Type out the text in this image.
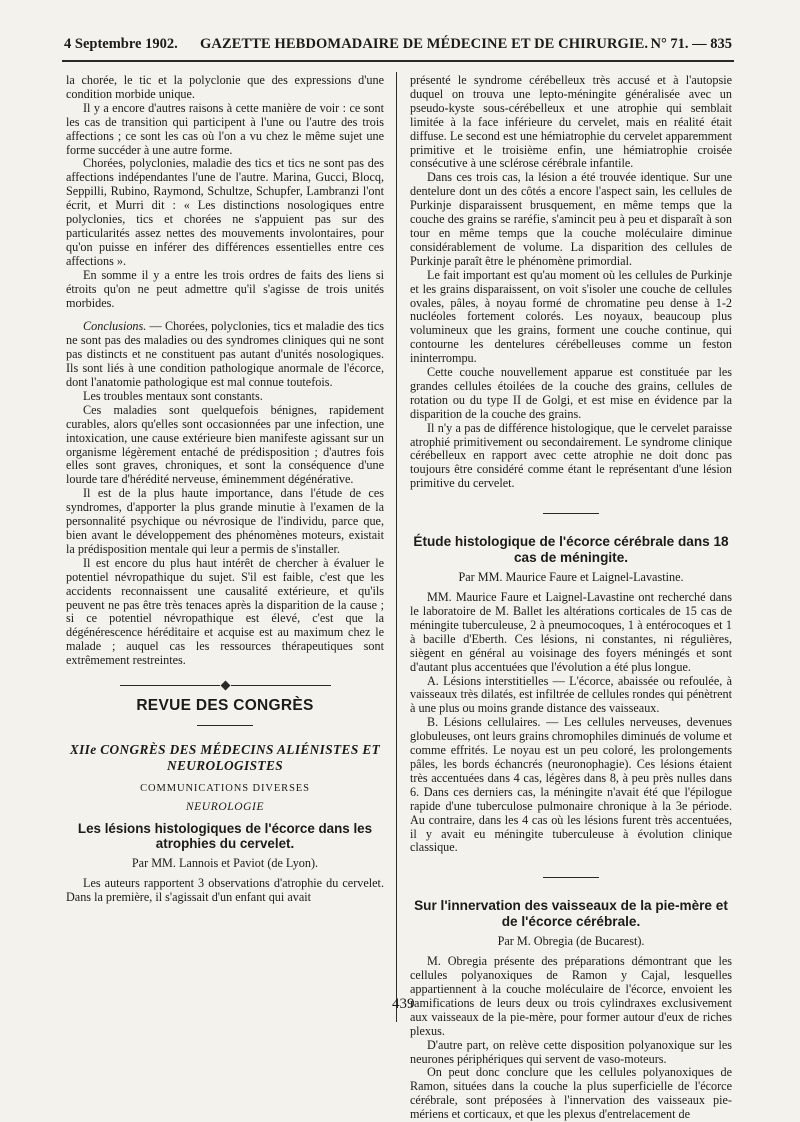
4 Septembre 1902. GAZETTE HEBDOMADAIRE DE MÉDECINE ET DE CHIRURGIE. N° 71. — 835

la chorée, le tic et la polyclonie que des expressions d'une condition morbide unique.

Il y a encore d'autres raisons à cette manière de voir : ce sont les cas de transition qui participent à l'une ou l'autre des trois affections ; ce sont les cas où l'on a vu chez le même sujet une forme succéder à une autre forme.

Chorées, polyclonies, maladie des tics et tics ne sont pas des affections indépendantes l'une de l'autre. Marina, Gucci, Blocq, Seppilli, Rubino, Raymond, Schultze, Schupfer, Lambranzi l'ont écrit, et Murri dit : « Les distinctions nosologiques entre polyclonies, tics et chorées ne s'appuient pas sur des particularités assez nettes des mouvements involontaires, pour qu'on puisse en inférer des différences essentielles entre ces affections ».

En somme il y a entre les trois ordres de faits des liens si étroits qu'on ne peut admettre qu'il s'agisse de trois unités morbides.

Conclusions. — Chorées, polyclonies, tics et maladie des tics ne sont pas des maladies ou des syndromes cliniques qui ne sont pas distincts et ne constituent pas autant d'unités nosologiques. Ils sont liés à une condition pathologique anormale de l'écorce, dont l'anatomie pathologique est mal connue toutefois.

Les troubles mentaux sont constants.

Ces maladies sont quelquefois bénignes, rapidement curables, alors qu'elles sont occasionnées par une infection, une intoxication, une cause extérieure bien manifeste agissant sur un organisme légèrement entaché de prédisposition ; d'autres fois elles sont graves, chroniques, et sont la conséquence d'une lourde tare d'hérédité nerveuse, éminemment dégénérative.

Il est de la plus haute importance, dans l'étude de ces syndromes, d'apporter la plus grande minutie à l'examen de la personnalité psychique ou névrosique de l'individu, parce que, bien avant le développement des phénomènes moteurs, existait la prédisposition mentale qui leur a permis de s'installer.

Il est encore du plus haut intérêt de chercher à évaluer le potentiel névropathique du sujet. S'il est faible, c'est que les accidents reconnaissent une causalité extérieure, et qu'ils peuvent ne pas être très tenaces après la disparition de la cause ; si ce potentiel névropathique est élevé, c'est que la dégénérescence héréditaire et acquise est au maximum chez le malade ; auquel cas les ressources thérapeutiques sont extrêmement restreintes.

REVUE DES CONGRÈS
XIIe CONGRÈS DES MÉDECINS ALIÉNISTES ET NEUROLOGISTES
COMMUNICATIONS DIVERSES
NEUROLOGIE
Les lésions histologiques de l'écorce dans les atrophies du cervelet.
Par MM. Lannois et Paviot (de Lyon).

Les auteurs rapportent 3 observations d'atrophie du cervelet. Dans la première, il s'agissait d'un enfant qui avait

présenté le syndrome cérébelleux très accusé et à l'autopsie duquel on trouva une lepto-méningite généralisée avec un pseudo-kyste sous-cérébelleux et une atrophie qui semblait limitée à la face inférieure du cervelet, mais en réalité était diffuse. Le second est une hémiatrophie du cervelet apparemment primitive et le troisième enfin, une hémiatrophie croisée consécutive à une sclérose cérébrale infantile.

Dans ces trois cas, la lésion a été trouvée identique. Sur une dentelure dont un des côtés a encore l'aspect sain, les cellules de Purkinje disparaissent brusquement, en même temps que la couche des grains se raréfie, s'amincit peu à peu et disparaît à son tour en même temps que la couche moléculaire diminue considérablement de volume. La disparition des cellules de Purkinje paraît être le phénomène primordial.

Le fait important est qu'au moment où les cellules de Purkinje et les grains disparaissent, on voit s'isoler une couche de cellules ovales, pâles, à noyau formé de chromatine peu dense à 1-2 nucléoles fortement colorés. Les noyaux, beaucoup plus volumineux que les grains, forment une couche continue, qui contourne les dentelures cérébelleuses comme un feston ininterrompu.

Cette couche nouvellement apparue est constituée par les grandes cellules étoilées de la couche des grains, cellules de rotation ou du type II de Golgi, et est mise en évidence par la disparition de la couche des grains.

Il n'y a pas de différence histologique, que le cervelet paraisse atrophié primitivement ou secondairement. Le syndrome clinique cérébelleux en rapport avec cette atrophie ne doit donc pas toujours être considéré comme étant le représentant d'une lésion primitive du cervelet.

Étude histologique de l'écorce cérébrale dans 18 cas de méningite.
Par MM. Maurice Faure et Laignel-Lavastine.

MM. Maurice Faure et Laignel-Lavastine ont recherché dans le laboratoire de M. Ballet les altérations corticales de 15 cas de méningite tuberculeuse, 2 à pneumocoques, 1 à entérocoques et 1 à bacille d'Eberth. Ces lésions, ni constantes, ni régulières, siègent en général au voisinage des foyers méningés et sont d'autant plus accentuées que l'évolution a été plus longue.

A. Lésions interstitielles — L'écorce, abaissée ou refoulée, à vaisseaux très dilatés, est infiltrée de cellules rondes qui pénètrent à une plus ou moins grande distance des vaisseaux.

B. Lésions cellulaires. — Les cellules nerveuses, devenues globuleuses, ont leurs grains chromophiles diminués de volume et comme effrités. Le noyau est un peu coloré, les prolongements pâles, les bords échancrés (neuronophagie). Ces lésions étaient très accentuées dans 4 cas, légères dans 8, à peu près nulles dans 6. Dans ces derniers cas, la méningite n'avait été que l'épilogue rapide d'une tuberculose pulmonaire chronique à la 3e période. Au contraire, dans les 4 cas où les lésions furent très accentuées, il y avait eu méningite tuberculeuse à évolution clinique classique.

Sur l'innervation des vaisseaux de la pie-mère et de l'écorce cérébrale.
Par M. Obregia (de Bucarest).

M. Obregia présente des préparations démontrant que les cellules polyanoxiques de Ramon y Cajal, lesquelles appartiennent à la couche moléculaire de l'écorce, envoient les ramifications de leurs deux ou trois cylindraxes exclusivement aux vaisseaux de la pie-mère, pour former autour d'eux de riches plexus.

D'autre part, on relève cette disposition polyanoxique sur les neurones périphériques qui servent de vaso-moteurs.

On peut donc conclure que les cellules polyanoxiques de Ramon, situées dans la couche la plus superficielle de l'écorce cérébrale, sont préposées à l'innervation des vaisseaux pie-mériens et corticaux, et que les plexus d'entrelacement de

439
